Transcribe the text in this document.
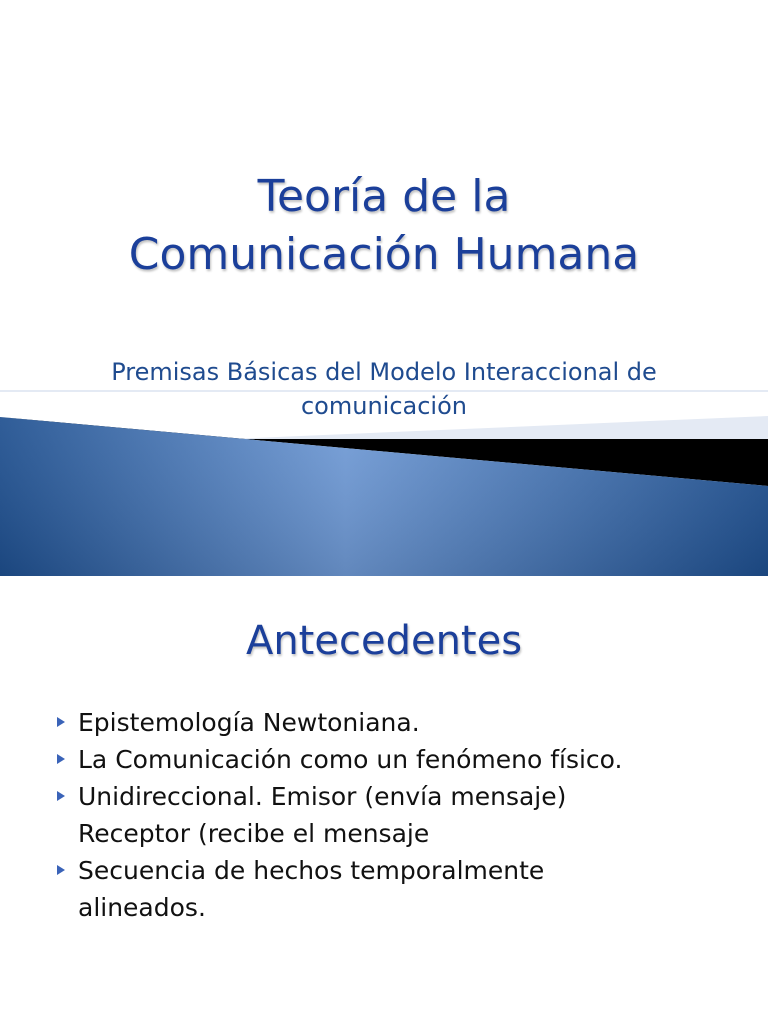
Teoría de la
Comunicación Humana

Premisas Básicas del Modelo Interaccional de
comunicación

Antecedentes
Epistemología Newtoniana.
La Comunicación como un fenómeno físico.
Unidireccional. Emisor (envía mensaje)
Receptor (recibe el mensaje
Secuencia de hechos temporalmente
alineados.
